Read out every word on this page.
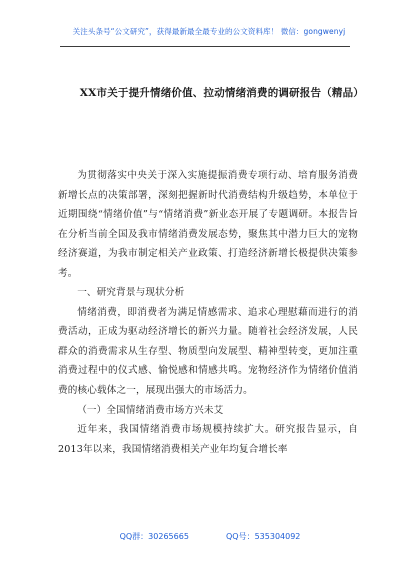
关注头条号“公文研究”，获得最新最全最专业的公文资料库！ 微信：gongwenyj
XX市关于提升情绪价值、拉动情绪消费的调研报告（精品）

为贯彻落实中央关于深入实施提振消费专项行动、培育服务消费新增长点的决策部署，深刻把握新时代消费结构升级趋势，本单位于近期围绕“情绪价值”与“情绪消费”新业态开展了专题调研。本报告旨在分析当前全国及我市情绪消费发展态势，聚焦其中潜力巨大的宠物经济赛道，为我市制定相关产业政策、打造经济新增长极提供决策参考。

一、研究背景与现状分析

情绪消费，即消费者为满足情感需求、追求心理慰藉而进行的消费活动，正成为驱动经济增长的新兴力量。随着社会经济发展，人民群众的消费需求从生存型、物质型向发展型、精神型转变，更加注重消费过程中的仪式感、愉悦感和情感共鸣。宠物经济作为情绪价值消费的核心载体之一，展现出强大的市场活力。

（一）全国情绪消费市场方兴未艾

近年来，我国情绪消费市场规模持续扩大。研究报告显示，自2013年以来，我国情绪消费相关产业年均复合增长率

QQ群：30265665	QQ号：535304092
